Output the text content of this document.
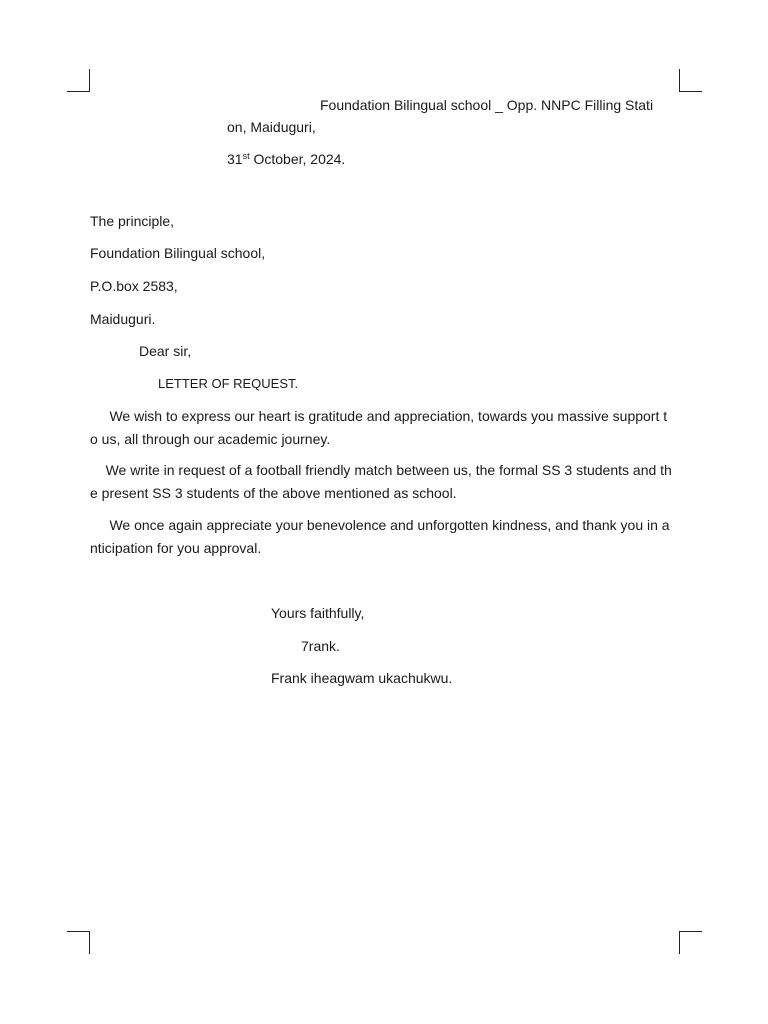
Foundation Bilingual school _ Opp. NNPC Filling Stati
on, Maiduguri,
31st October, 2024.
The principle,
Foundation Bilingual school,
P.O.box 2583,
Maiduguri.
Dear sir,
LETTER OF REQUEST.
We wish to express our heart is gratitude and appreciation, towards you massive support to us, all through our academic journey.
We write in request of a football friendly match between us, the formal SS 3 students and the present SS 3 students of the above mentioned as school.
We once again appreciate your benevolence and unforgotten kindness, and thank you in anticipation for you approval.
Yours faithfully,
7rank.
Frank iheagwam ukachukwu.
